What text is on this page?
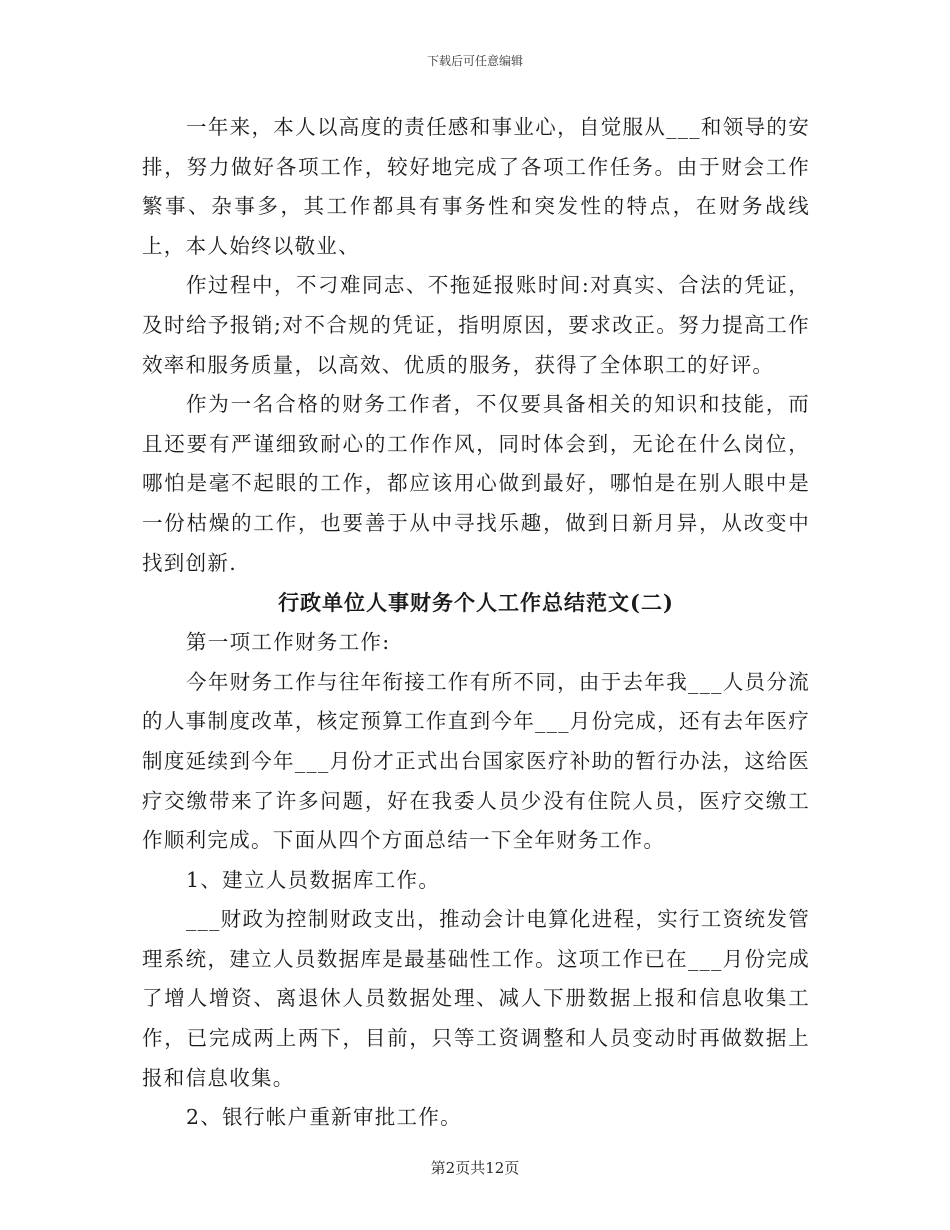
下载后可任意编辑

一年来，本人以高度的责任感和事业心，自觉服从___和领导的安排，努力做好各项工作，较好地完成了各项工作任务。由于财会工作繁事、杂事多，其工作都具有事务性和突发性的特点，在财务战线上，本人始终以敬业、

作过程中，不刁难同志、不拖延报账时间:对真实、合法的凭证，及时给予报销;对不合规的凭证，指明原因，要求改正。努力提高工作效率和服务质量，以高效、优质的服务，获得了全体职工的好评。

作为一名合格的财务工作者，不仅要具备相关的知识和技能，而且还要有严谨细致耐心的工作作风，同时体会到，无论在什么岗位，哪怕是毫不起眼的工作，都应该用心做到最好，哪怕是在别人眼中是一份枯燥的工作，也要善于从中寻找乐趣，做到日新月异，从改变中找到创新.

行政单位人事财务个人工作总结范文(二)

第一项工作财务工作:

今年财务工作与往年衔接工作有所不同，由于去年我___人员分流的人事制度改革，核定预算工作直到今年___月份完成，还有去年医疗制度延续到今年___月份才正式出台国家医疗补助的暂行办法，这给医疗交缴带来了许多问题，好在我委人员少没有住院人员，医疗交缴工作顺利完成。下面从四个方面总结一下全年财务工作。

1、建立人员数据库工作。

___财政为控制财政支出，推动会计电算化进程，实行工资统发管理系统，建立人员数据库是最基础性工作。这项工作已在___月份完成了增人增资、离退休人员数据处理、减人下册数据上报和信息收集工作，已完成两上两下，目前，只等工资调整和人员变动时再做数据上报和信息收集。

2、银行帐户重新审批工作。

第2页共12页
